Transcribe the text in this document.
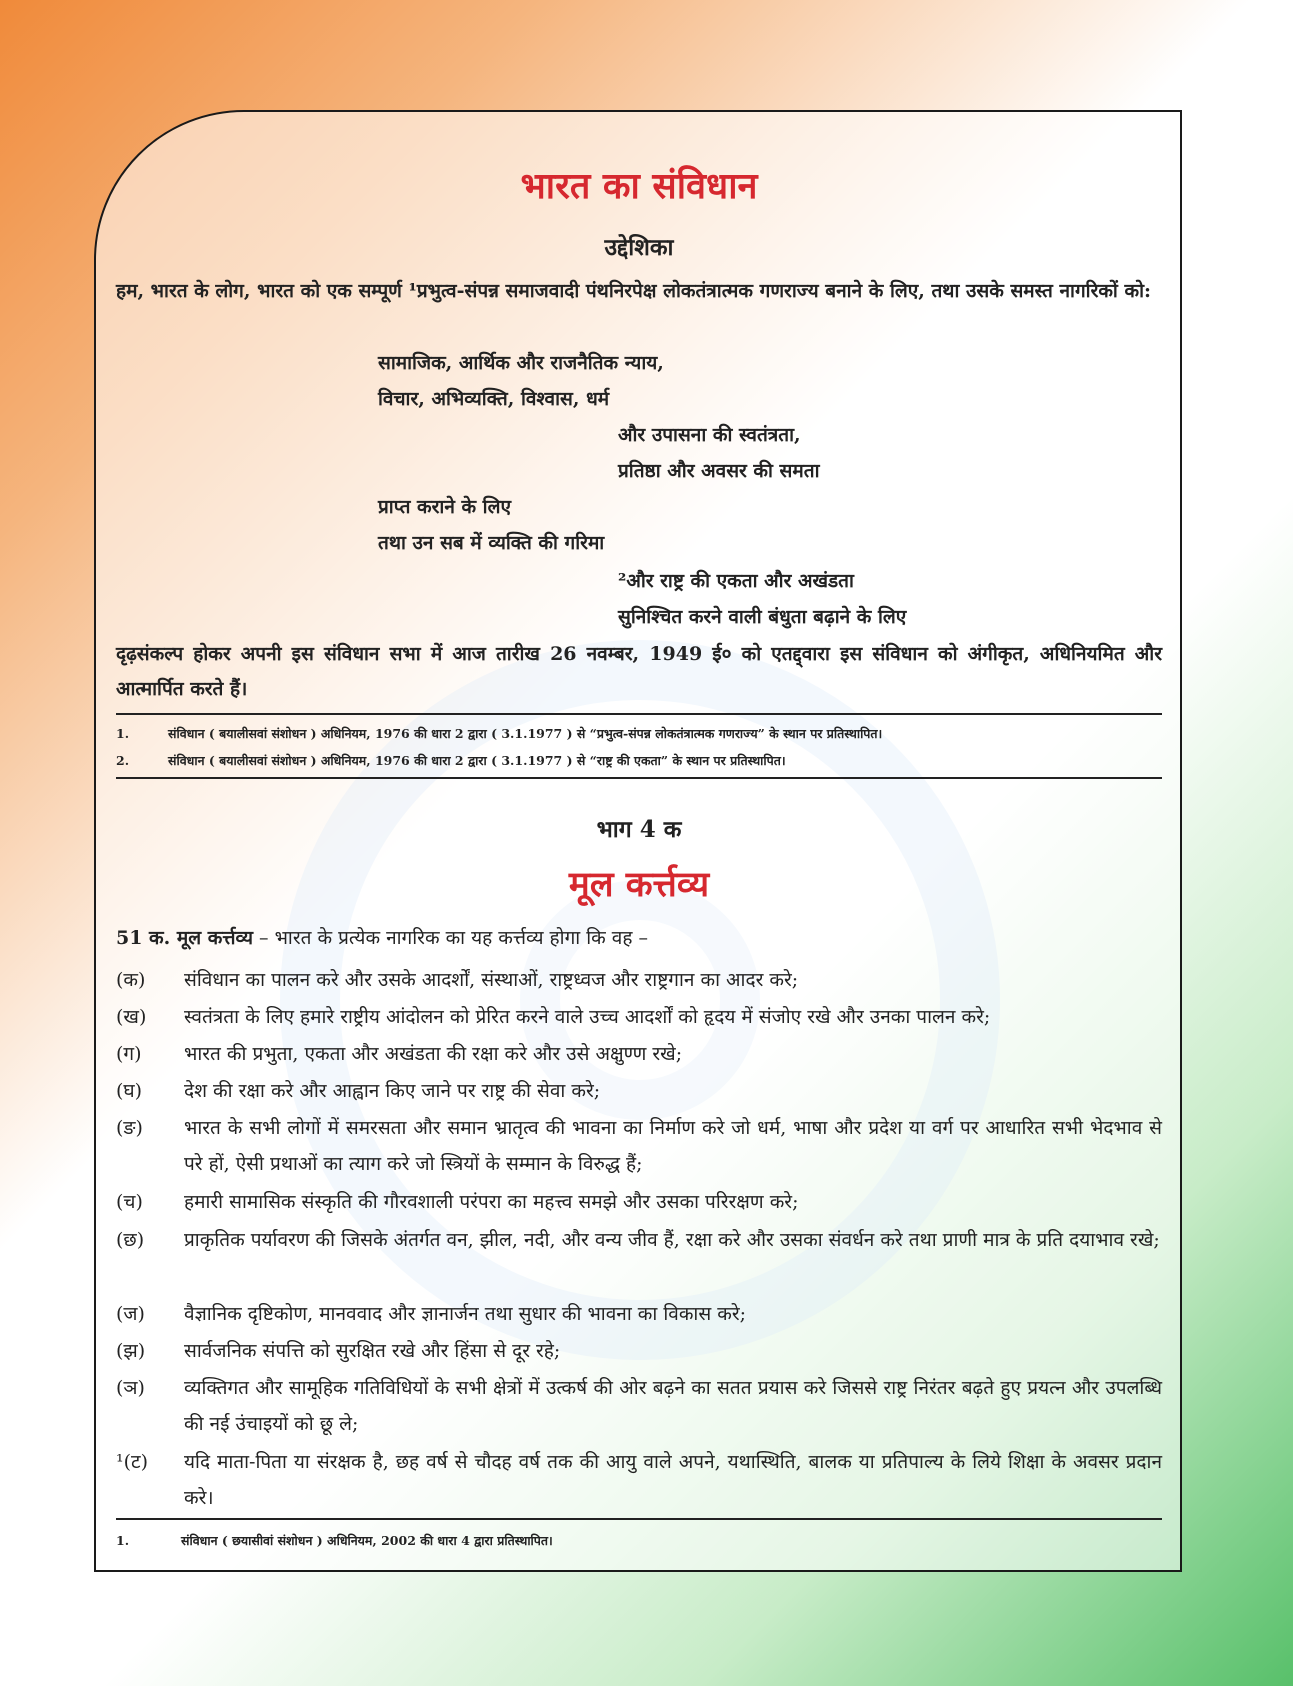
भारत का संविधान
उद्देशिका

हम, भारत के लोग, भारत को एक सम्पूर्ण ¹प्रभुत्व-संपन्न समाजवादी पंथनिरपेक्ष लोकतंत्रात्मक गणराज्य बनाने के लिए, तथा उसके समस्त नागरिकों को:

सामाजिक, आर्थिक और राजनैतिक न्याय,
विचार, अभिव्यक्ति, विश्वास, धर्म
और उपासना की स्वतंत्रता,
प्रतिष्ठा और अवसर की समता
प्राप्त कराने के लिए
तथा उन सब में व्यक्ति की गरिमा
²और राष्ट्र की एकता और अखंडता
सुनिश्चित करने वाली बंधुता बढ़ाने के लिए

दृढ़संकल्प होकर अपनी इस संविधान सभा में आज तारीख 26 नवम्बर, 1949 ई० को एतद्द्वारा इस संविधान को अंगीकृत, अधिनियमित और आत्मार्पित करते हैं।

1.	संविधान ( बयालीसवां संशोधन ) अधिनियम, 1976 की धारा 2 द्वारा ( 3.1.1977 ) से “प्रभुत्व-संपन्न लोकतंत्रात्मक गणराज्य” के स्थान पर प्रतिस्थापित।
2.	संविधान ( बयालीसवां संशोधन ) अधिनियम, 1976 की धारा 2 द्वारा ( 3.1.1977 ) से “राष्ट्र की एकता” के स्थान पर प्रतिस्थापित।
भाग 4 क
मूल कर्त्तव्य
51 क. मूल कर्त्तव्य – भारत के प्रत्येक नागरिक का यह कर्त्तव्य होगा कि वह –
(क)	संविधान का पालन करे और उसके आदर्शों, संस्थाओं, राष्ट्रध्वज और राष्ट्रगान का आदर करे;
(ख)	स्वतंत्रता के लिए हमारे राष्ट्रीय आंदोलन को प्रेरित करने वाले उच्च आदर्शों को हृदय में संजोए रखे और उनका पालन करे;
(ग)	भारत की प्रभुता, एकता और अखंडता की रक्षा करे और उसे अक्षुण्ण रखे;
(घ)	देश की रक्षा करे और आह्वान किए जाने पर राष्ट्र की सेवा करे;
(ङ)	भारत के सभी लोगों में समरसता और समान भ्रातृत्व की भावना का निर्माण करे जो धर्म, भाषा और प्रदेश या वर्ग पर आधारित सभी भेदभाव से परे हों, ऐसी प्रथाओं का त्याग करे जो स्त्रियों के सम्मान के विरुद्ध हैं;
(च)	हमारी सामासिक संस्कृति की गौरवशाली परंपरा का महत्त्व समझे और उसका परिरक्षण करे;
(छ)	प्राकृतिक पर्यावरण की जिसके अंतर्गत वन, झील, नदी, और वन्य जीव हैं, रक्षा करे और उसका संवर्धन करे तथा प्राणी मात्र के प्रति दयाभाव रखे;
(ज)	वैज्ञानिक दृष्टिकोण, मानववाद और ज्ञानार्जन तथा सुधार की भावना का विकास करे;
(झ)	सार्वजनिक संपत्ति को सुरक्षित रखे और हिंसा से दूर रहे;
(ञ)	व्यक्तिगत और सामूहिक गतिविधियों के सभी क्षेत्रों में उत्कर्ष की ओर बढ़ने का सतत प्रयास करे जिससे राष्ट्र निरंतर बढ़ते हुए प्रयत्न और उपलब्धि की नई उंचाइयों को छू ले;
¹(ट)	यदि माता-पिता या संरक्षक है, छह वर्ष से चौदह वर्ष तक की आयु वाले अपने, यथास्थिति, बालक या प्रतिपाल्य के लिये शिक्षा के अवसर प्रदान करे।
1.	संविधान ( छयासीवां संशोधन ) अधिनियम, 2002 की धारा 4 द्वारा प्रतिस्थापित।
